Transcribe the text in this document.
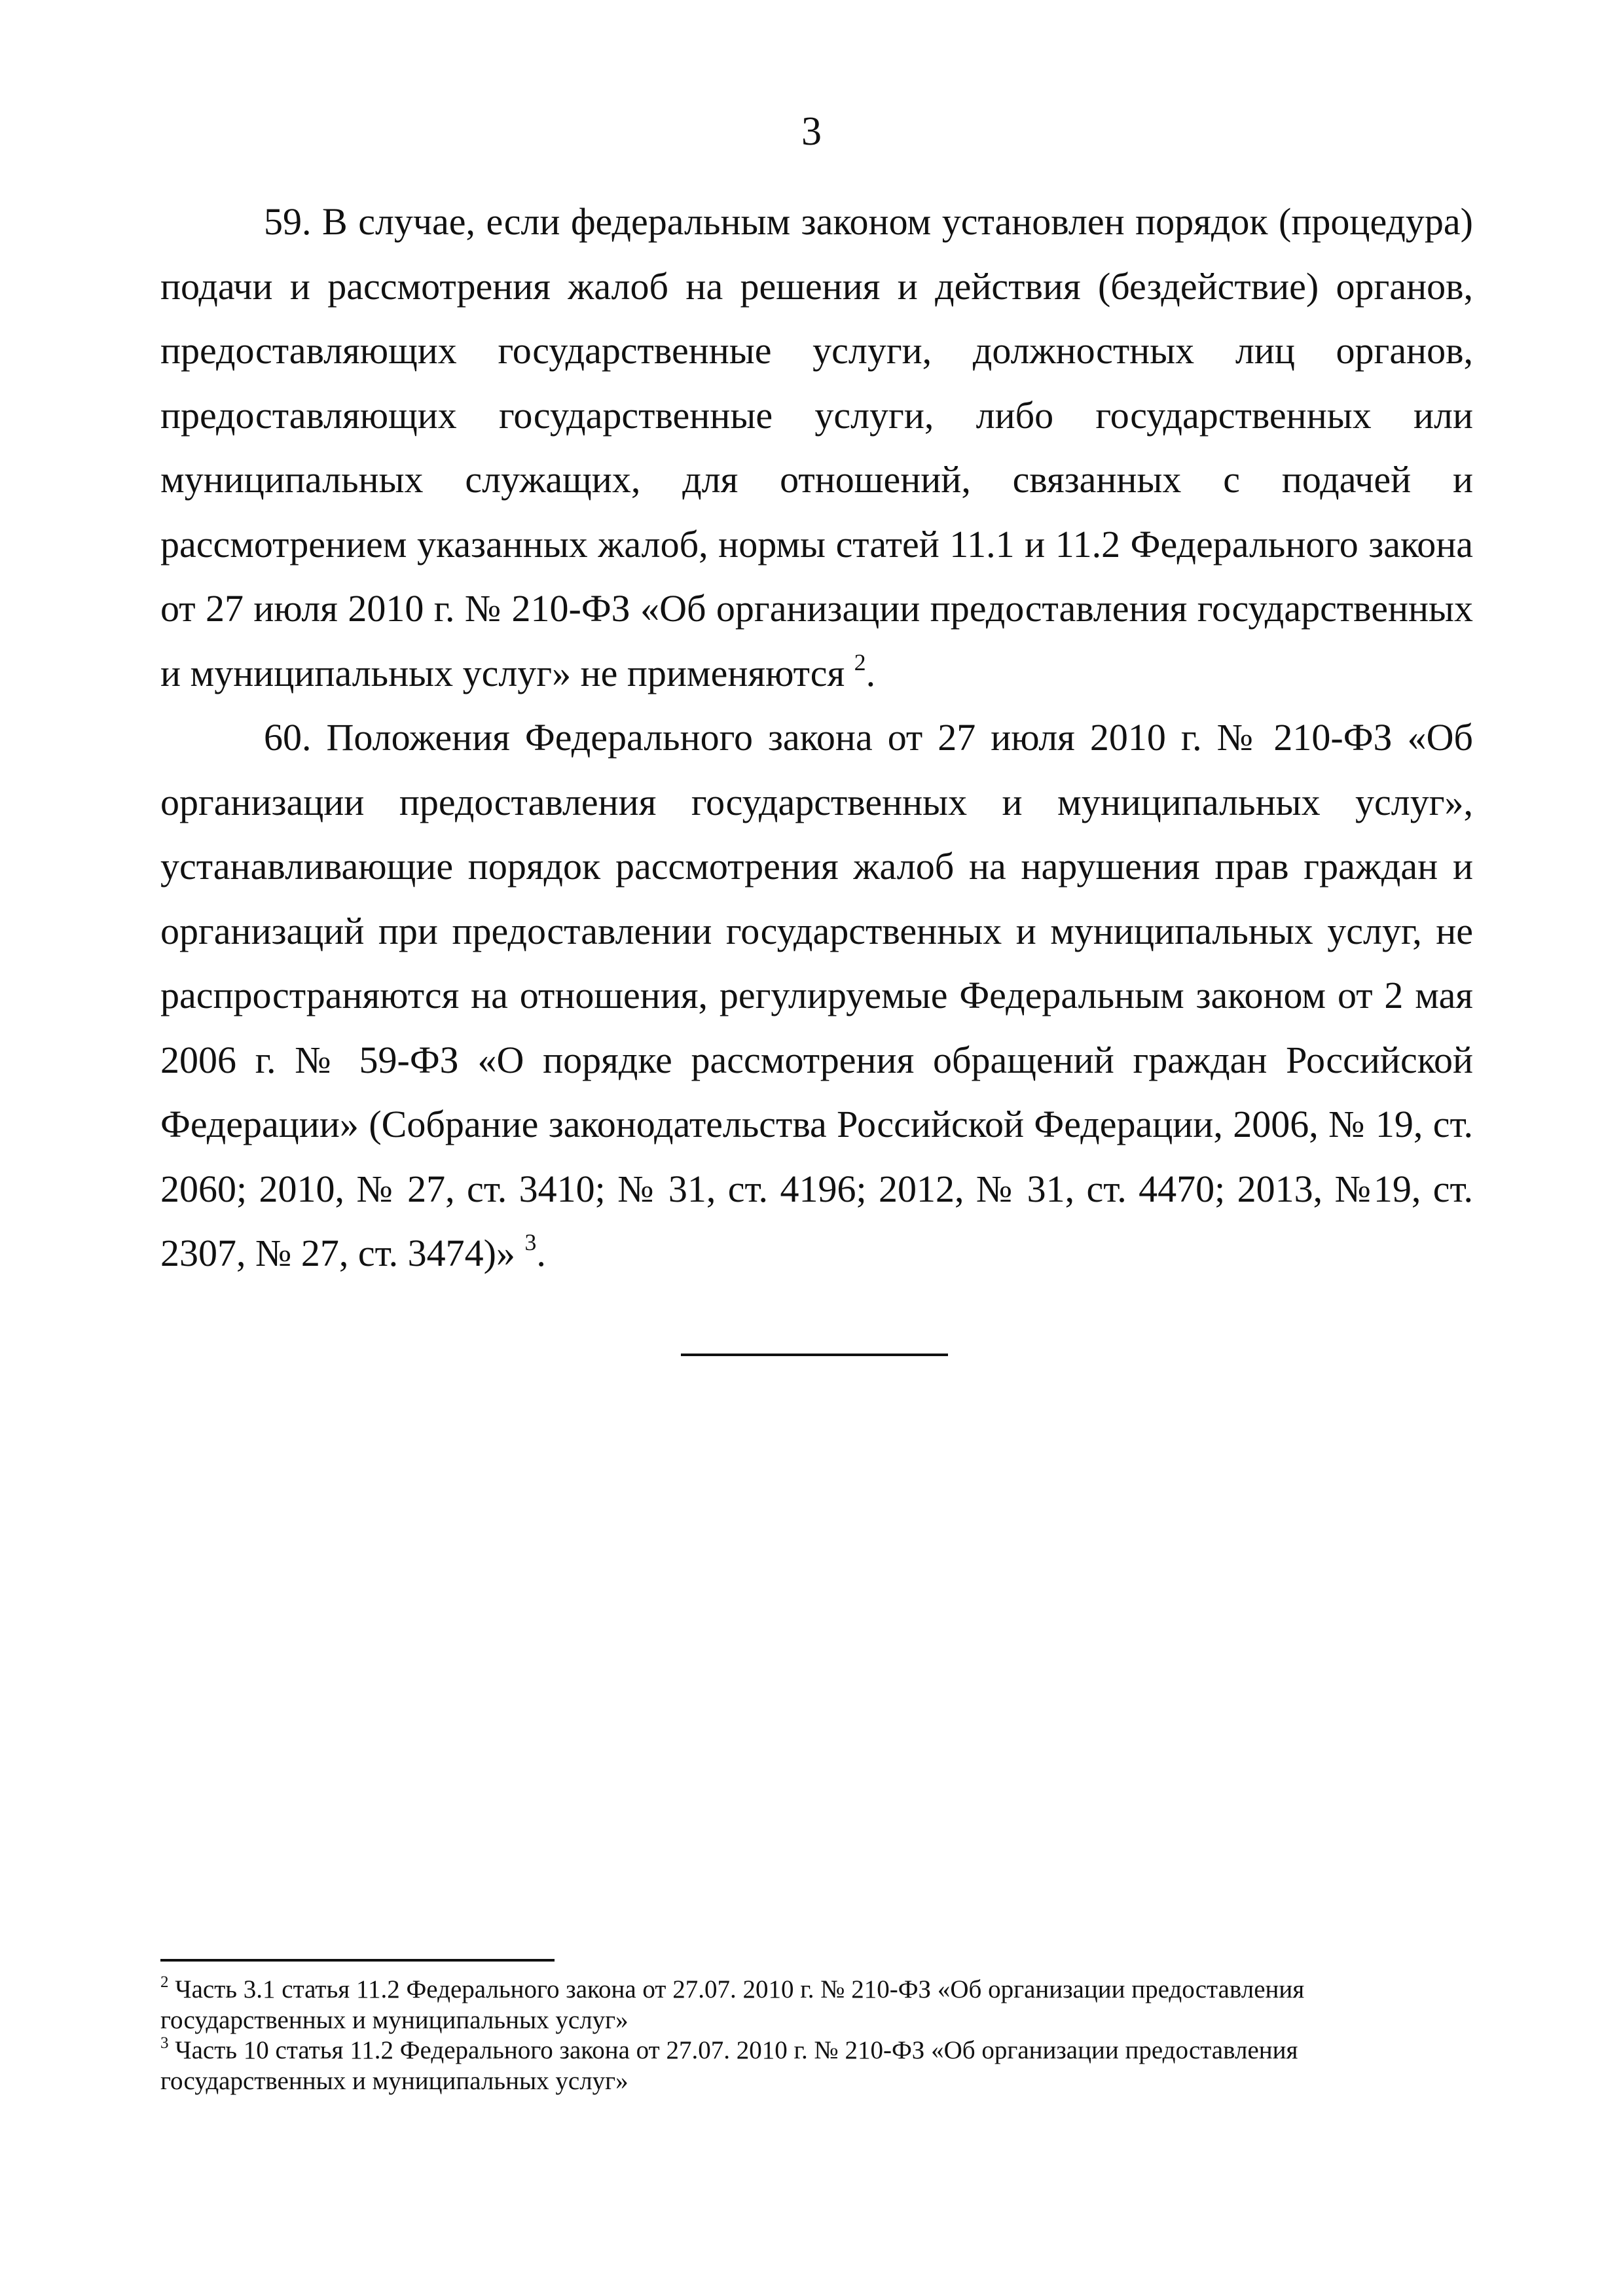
3

59. В случае, если федеральным законом установлен порядок (процедура) подачи и рассмотрения жалоб на решения и действия (бездействие) органов, предоставляющих государственные услуги, должностных лиц органов, предоставляющих государственные услуги, либо государственных или муниципальных служащих, для отношений, связанных с подачей и рассмотрением указанных жалоб, нормы статей 11.1 и 11.2 Федерального закона от 27 июля 2010 г. № 210-ФЗ «Об организации предоставления государственных и муниципальных услуг» не применяются $^2$.

60. Положения Федерального закона от 27 июля 2010 г. № 210-ФЗ «Об организации предоставления государственных и муниципальных услуг», устанавливающие порядок рассмотрения жалоб на нарушения прав граждан и организаций при предоставлении государственных и муниципальных услуг, не распространяются на отношения, регулируемые Федеральным законом от 2 мая 2006 г. № 59-ФЗ «О порядке рассмотрения обращений граждан Российской Федерации» (Собрание законодательства Российской Федерации, 2006, № 19, ст. 2060; 2010, № 27, ст. 3410; № 31, ст. 4196; 2012, № 31, ст. 4470; 2013, №19, ст. 2307, № 27, ст. 3474)» $^3$.

$^2$ Часть 3.1 статья 11.2 Федерального закона от 27.07. 2010 г. № 210-ФЗ «Об организации предоставления государственных и муниципальных услуг»

$^3$ Часть 10 статья 11.2 Федерального закона от 27.07. 2010 г. № 210-ФЗ «Об организации предоставления государственных и муниципальных услуг»
